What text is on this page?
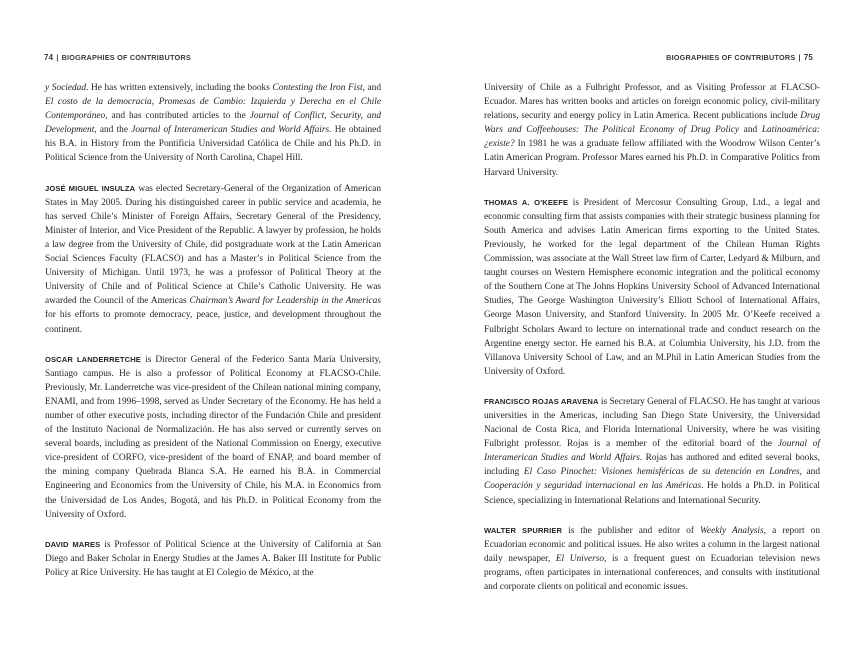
74 | BIOGRAPHIES OF CONTRIBUTORS

y Sociedad. He has written extensively, including the books Contesting the Iron Fist, and El costo de la democracia, Promesas de Cambio: Izquierda y Derecha en el Chile Contemporáneo, and has contributed articles to the Journal of Conflict, Security, and Development, and the Journal of Interamerican Studies and World Affairs. He obtained his B.A. in History from the Pontificia Universidad Católica de Chile and his Ph.D. in Political Science from the University of North Carolina, Chapel Hill.

JOSÉ MIGUEL INSULZA was elected Secretary-General of the Organization of American States in May 2005. During his distinguished career in public service and academia, he has served Chile’s Minister of Foreign Affairs, Secretary General of the Presidency, Minister of Interior, and Vice President of the Republic. A lawyer by profession, he holds a law degree from the University of Chile, did postgraduate work at the Latin American Social Sciences Faculty (FLACSO) and has a Master’s in Political Science from the University of Michigan. Until 1973, he was a professor of Political Theory at the University of Chile and of Political Science at Chile’s Catholic University. He was awarded the Council of the Americas Chairman’s Award for Leadership in the Americas for his efforts to promote democracy, peace, justice, and development throughout the continent.

OSCAR LANDERRETCHE is Director General of the Federico Santa María University, Santiago campus. He is also a professor of Political Economy at FLACSO-Chile. Previously, Mr. Landerretche was vice-president of the Chilean national mining company, ENAMI, and from 1996–1998, served as Under Secretary of the Economy. He has held a number of other executive posts, including director of the Fundación Chile and president of the Instituto Nacional de Normalización. He has also served or currently serves on several boards, including as president of the National Commission on Energy, executive vice-president of CORFO, vice-president of the board of ENAP, and board member of the mining company Quebrada Blanca S.A. He earned his B.A. in Commercial Engineering and Economics from the University of Chile, his M.A. in Economics from the Universidad de Los Andes, Bogotá, and his Ph.D. in Political Economy from the University of Oxford.

DAVID MARES is Professor of Political Science at the University of California at San Diego and Baker Scholar in Energy Studies at the James A. Baker III Institute for Public Policy at Rice University. He has taught at El Colegio de México, at the

BIOGRAPHIES OF CONTRIBUTORS | 75

University of Chile as a Fulbright Professor, and as Visiting Professor at FLACSO-Ecuador. Mares has written books and articles on foreign economic policy, civil-military relations, security and energy policy in Latin America. Recent publications include Drug Wars and Coffeehouses: The Political Economy of Drug Policy and Latinoamérica: ¿existe? In 1981 he was a graduate fellow affiliated with the Woodrow Wilson Center’s Latin American Program. Professor Mares earned his Ph.D. in Comparative Politics from Harvard University.

THOMAS A. O’KEEFE is President of Mercosur Consulting Group, Ltd., a legal and economic consulting firm that assists companies with their strategic business planning for South America and advises Latin American firms exporting to the United States. Previously, he worked for the legal department of the Chilean Human Rights Commission, was associate at the Wall Street law firm of Carter, Ledyard & Milburn, and taught courses on Western Hemisphere economic integration and the political economy of the Southern Cone at The Johns Hopkins University School of Advanced International Studies, The George Washington University’s Elliott School of International Affairs, George Mason University, and Stanford University. In 2005 Mr. O’Keefe received a Fulbright Scholars Award to lecture on international trade and conduct research on the Argentine energy sector. He earned his B.A. at Columbia University, his J.D. from the Villanova University School of Law, and an M.Phil in Latin American Studies from the University of Oxford.

FRANCISCO ROJAS ARAVENA is Secretary General of FLACSO. He has taught at various universities in the Americas, including San Diego State University, the Universidad Nacional de Costa Rica, and Florida International University, where he was visiting Fulbright professor. Rojas is a member of the editorial board of the Journal of Interamerican Studies and World Affairs. Rojas has authored and edited several books, including El Caso Pinochet: Visiones hemisféricas de su detención en Londres, and Cooperación y seguridad internacional en las Américas. He holds a Ph.D. in Political Science, specializing in International Relations and International Security.

WALTER SPURRIER is the publisher and editor of Weekly Analysis, a report on Ecuadorian economic and political issues. He also writes a column in the largest national daily newspaper, El Universo, is a frequent guest on Ecuadorian television news programs, often participates in international conferences, and consults with institutional and corporate clients on political and economic issues.
